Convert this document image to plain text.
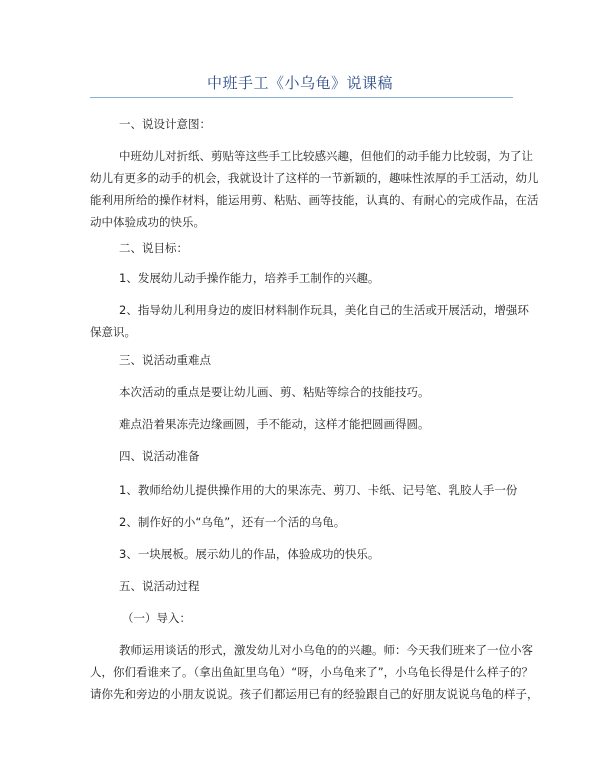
中班手工《小乌龟》说课稿
一、说设计意图：
中班幼儿对折纸、剪贴等这些手工比较感兴趣，但他们的动手能力比较弱，为了让
幼儿有更多的动手的机会，我就设计了这样的一节新颖的，趣味性浓厚的手工活动，幼儿
能利用所给的操作材料，能运用剪、粘贴、画等技能，认真的、有耐心的完成作品，在活
动中体验成功的快乐。
二、说目标：
1、发展幼儿动手操作能力，培养手工制作的兴趣。
2、指导幼儿利用身边的废旧材料制作玩具，美化自己的生活或开展活动，增强环
保意识。
三、说活动重难点
本次活动的重点是要让幼儿画、剪、粘贴等综合的技能技巧。
难点沿着果冻壳边缘画圆，手不能动，这样才能把圆画得圆。
四、说活动准备
1、教师给幼儿提供操作用的大的果冻壳、剪刀、卡纸、记号笔、乳胶人手一份
2、制作好的小“乌龟”，还有一个活的乌龟。
3、一块展板。展示幼儿的作品，体验成功的快乐。
五、说活动过程
（一）导入：
教师运用谈话的形式，激发幼儿对小乌龟的的兴趣。师：今天我们班来了一位小客
人，你们看谁来了。（拿出鱼缸里乌龟）“呀，小乌龟来了”，小乌龟长得是什么样子的？
请你先和旁边的小朋友说说。孩子们都运用已有的经验跟自己的好朋友说说乌龟的样子，
